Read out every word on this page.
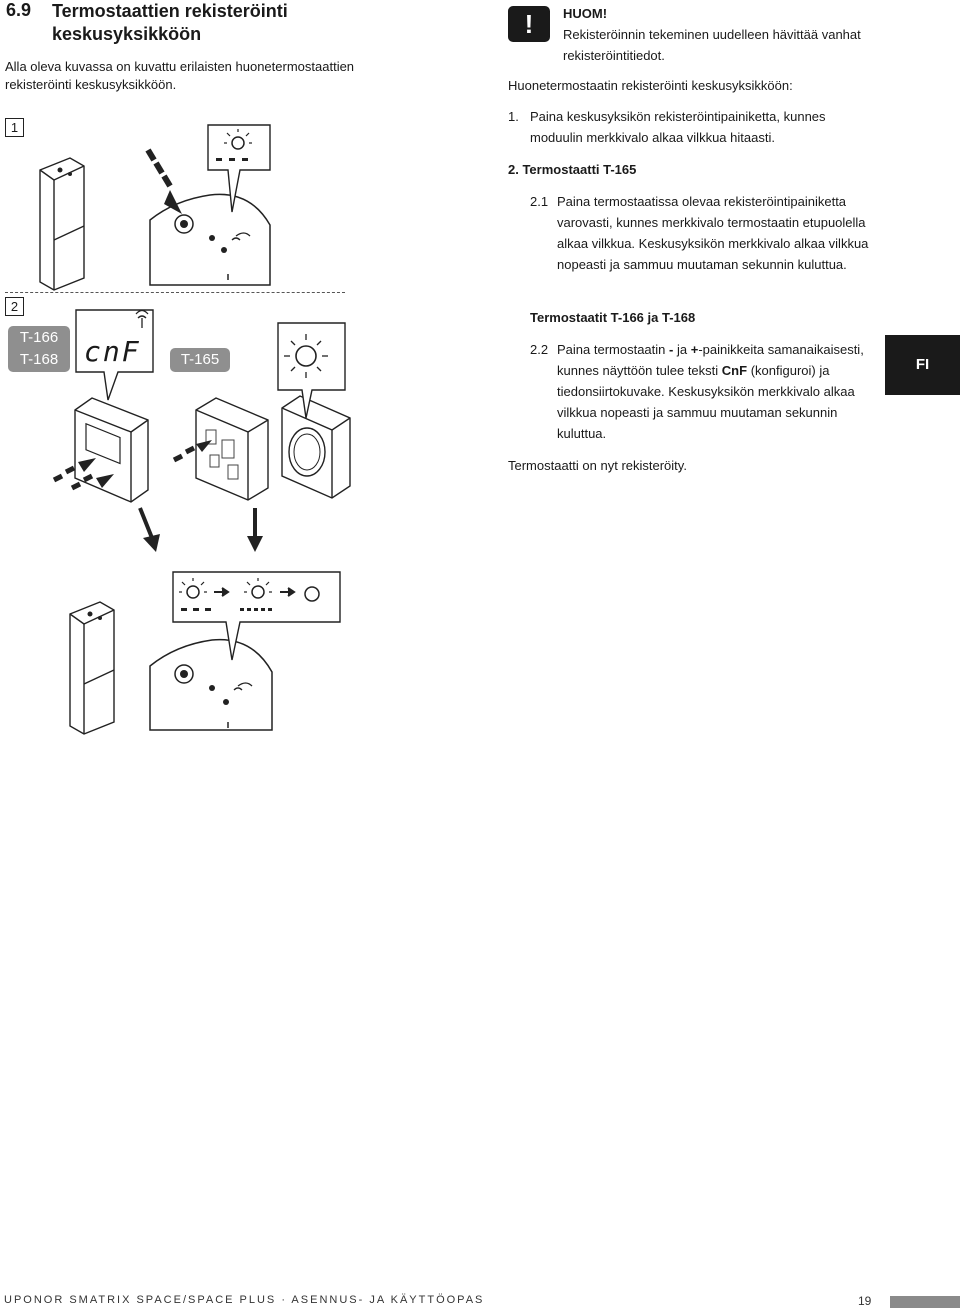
6.9 Termostaattien rekisteröinti keskusyksikköön
Alla oleva kuvassa on kuvattu erilaisten huonetermostaattien rekisteröinti keskusyksikköön.
1
2
T-166
T-168	T-165
cnF
!	HUOM!
Rekisteröinnin tekeminen uudelleen hävittää vanhat rekisteröintitiedot.
Huonetermostaatin rekisteröinti keskusyksikköön:
1. Paina keskusyksikön rekisteröintipainiketta, kunnes moduulin merkkivalo alkaa vilkkua hitaasti.
2. Termostaatti T-165
2.1 Paina termostaatissa olevaa rekisteröintipainiketta varovasti, kunnes merkkivalo termostaatin etupuolella alkaa vilkkua. Keskusyksikön merkkivalo alkaa vilkkua nopeasti ja sammuu muutaman sekunnin kuluttua.
Termostaatit T-166 ja T-168
2.2 Paina termostaatin - ja +-painikkeita samanaikaisesti, kunnes näyttöön tulee teksti CnF (konfiguroi) ja tiedonsiirtokuvake. Keskusyksikön merkkivalo alkaa vilkkua nopeasti ja sammuu muutaman sekunnin kuluttua.
Termostaatti on nyt rekisteröity.
FI
UPONOR SMATRIX SPACE/SPACE PLUS · ASENNUS- JA KÄYTTÖOPAS	19
